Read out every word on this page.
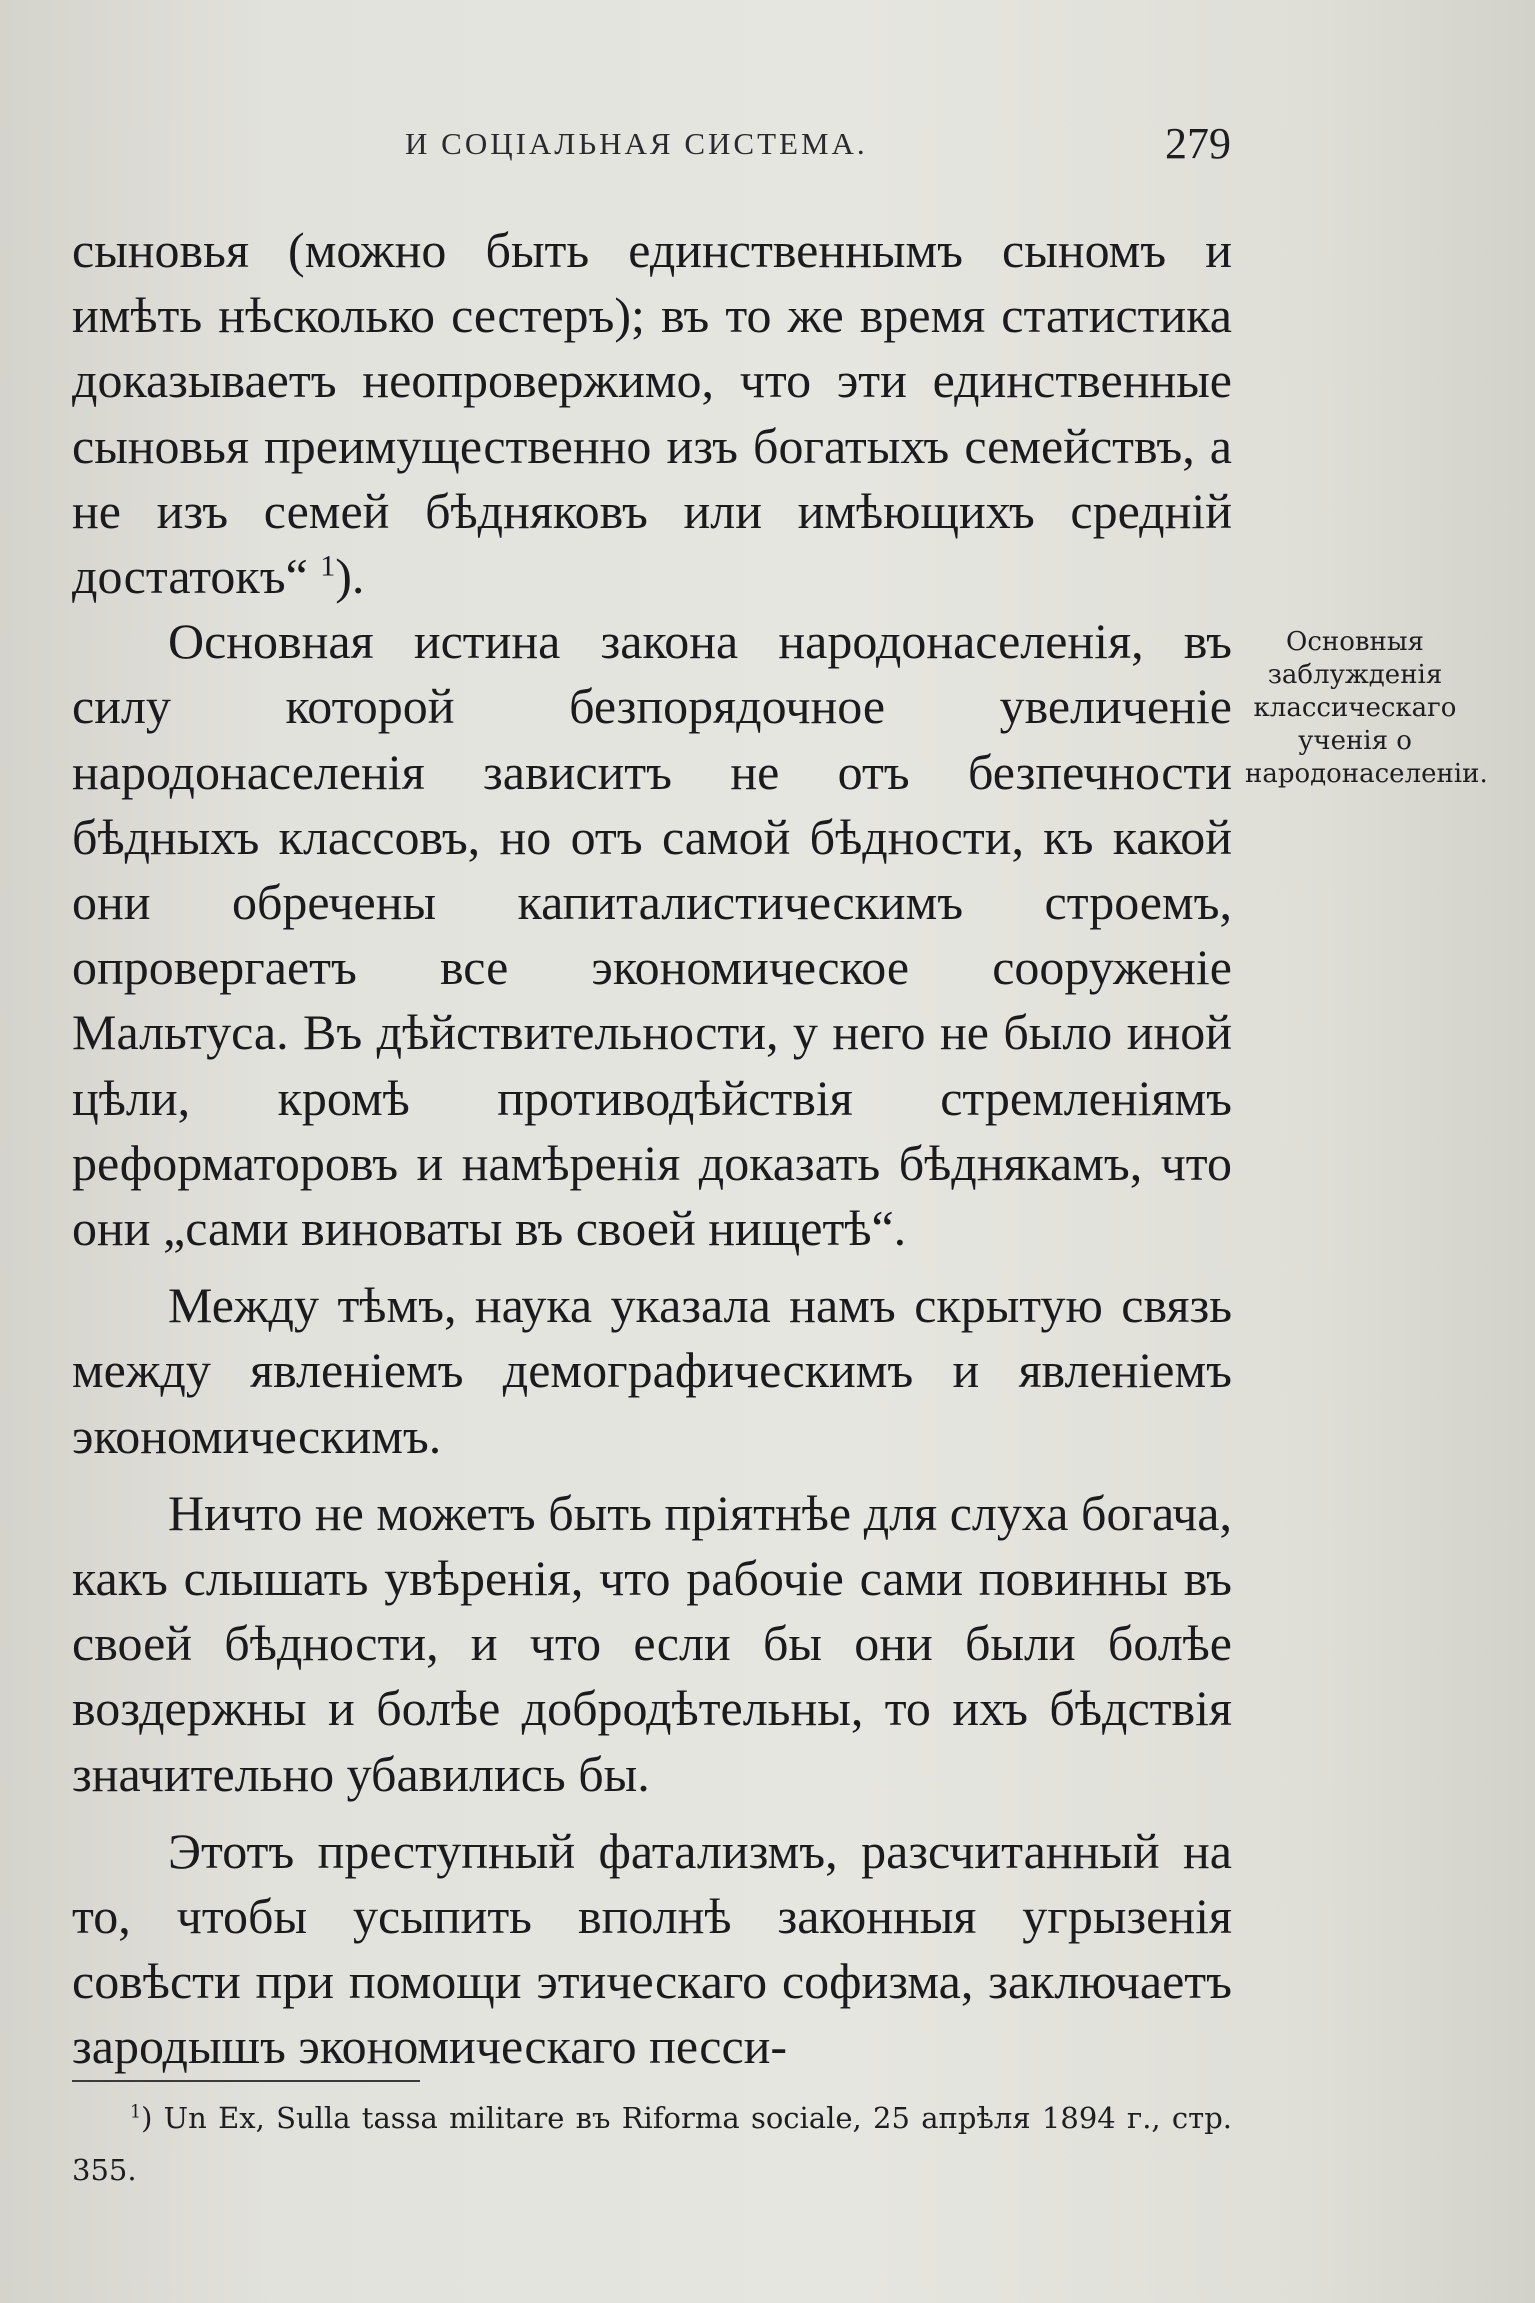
И СОЦІАЛЬНАЯ СИСТЕМА.	279

сыновья (можно быть единственнымъ сыномъ и имѣть нѣсколько сестеръ); въ то же время статистика доказываетъ неопровержимо, что эти единственные сыновья преимущественно изъ богатыхъ семействъ, а не изъ семей бѣдняковъ или имѣющихъ средній достатокъ“ $^1$).

Основная истина закона народонаселенія, въ силу которой безпорядочное увеличеніе народонаселенія зависитъ не отъ безпечности бѣдныхъ классовъ, но отъ самой бѣдности, къ какой они обречены капиталистическимъ строемъ, опровергаетъ все экономическое сооруженіе Мальтуса. Въ дѣйствительности, у него не было иной цѣли, кромѣ противодѣйствія стремленіямъ реформаторовъ и намѣренія доказать бѣднякамъ, что они „сами виноваты въ своей нищетѣ“.

Между тѣмъ, наука указала намъ скрытую связь между явленіемъ демографическимъ и явленіемъ экономическимъ.

Ничто не можетъ быть пріятнѣе для слуха богача, какъ слышать увѣренія, что рабочіе сами повинны въ своей бѣдности, и что если бы они были болѣе воздержны и болѣе добродѣтельны, то ихъ бѣдствія значительно убавились бы.

Этотъ преступный фатализмъ, разсчитанный на то, чтобы усыпить вполнѣ законныя угрызенія совѣсти при помощи этическаго софизма, заключаетъ зародышъ экономическаго песси-

Основныя заблужденія классическаго ученія о народонаселеніи.
$^1$) Un Ex, Sulla tassa militare въ Riforma sociale, 25 апрѣля 1894 г., стр. 355.
